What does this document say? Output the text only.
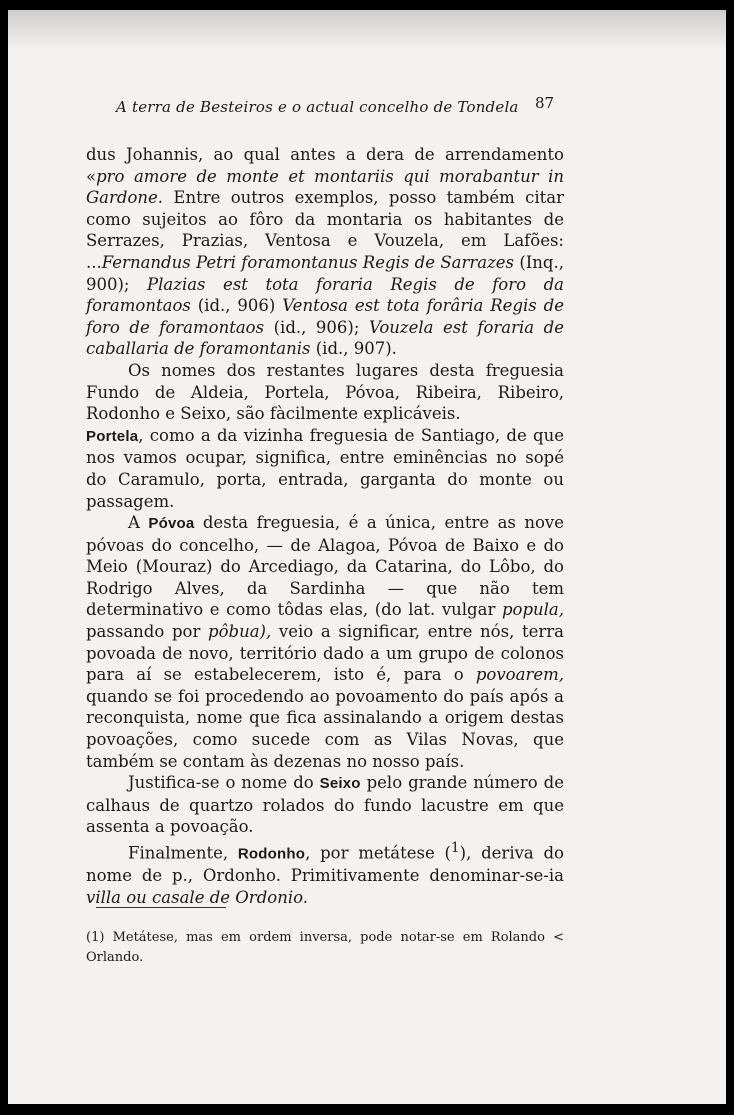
A terra de Besteiros e o actual concelho de Tondela	87

dus Johannis, ao qual antes a dera de arrendamento «pro amore de monte et montariis qui morabantur in Gardone. Entre outros exemplos, posso também citar como sujeitos ao fôro da montaria os habitantes de Serrazes, Prazias, Ventosa e Vouzela, em Lafões: ...Fernandus Petri foramontanus Regis de Sarrazes (Inq., 900); Plazias est tota foraria Regis de foro da foramontaos (id., 906) Ventosa est tota forâria Regis de foro de foramontaos (id., 906); Vouzela est foraria de caballaria de foramontanis (id., 907).

Os nomes dos restantes lugares desta freguesia Fundo de Aldeia, Portela, Póvoa, Ribeira, Ribeiro, Rodonho e Seixo, são fàcilmente explicáveis.

Portela, como a da vizinha freguesia de Santiago, de que nos vamos ocupar, significa, entre eminências no sopé do Caramulo, porta, entrada, garganta do monte ou passagem.

A Póvoa desta freguesia, é a única, entre as nove póvoas do concelho, — de Alagoa, Póvoa de Baixo e do Meio (Mouraz) do Arcediago, da Catarina, do Lôbo, do Rodrigo Alves, da Sardinha — que não tem determinativo e como tôdas elas, (do lat. vulgar popula, passando por pôbua), veio a significar, entre nós, terra povoada de novo, território dado a um grupo de colonos para aí se estabelecerem, isto é, para o povoarem, quando se foi procedendo ao povoamento do país após a reconquista, nome que fica assinalando a origem destas povoações, como sucede com as Vilas Novas, que também se contam às dezenas no nosso país.

Justifica-se o nome do Seixo pelo grande número de calhaus de quartzo rolados do fundo lacustre em que assenta a povoação.

Finalmente, Rodonho, por metátese ($^1$), deriva do nome de p., Ordonho. Primitivamente denominar-se-ia villa ou casale de Ordonio.

(1) Metátese, mas em ordem inversa, pode notar-se em Rolando < Orlando.
